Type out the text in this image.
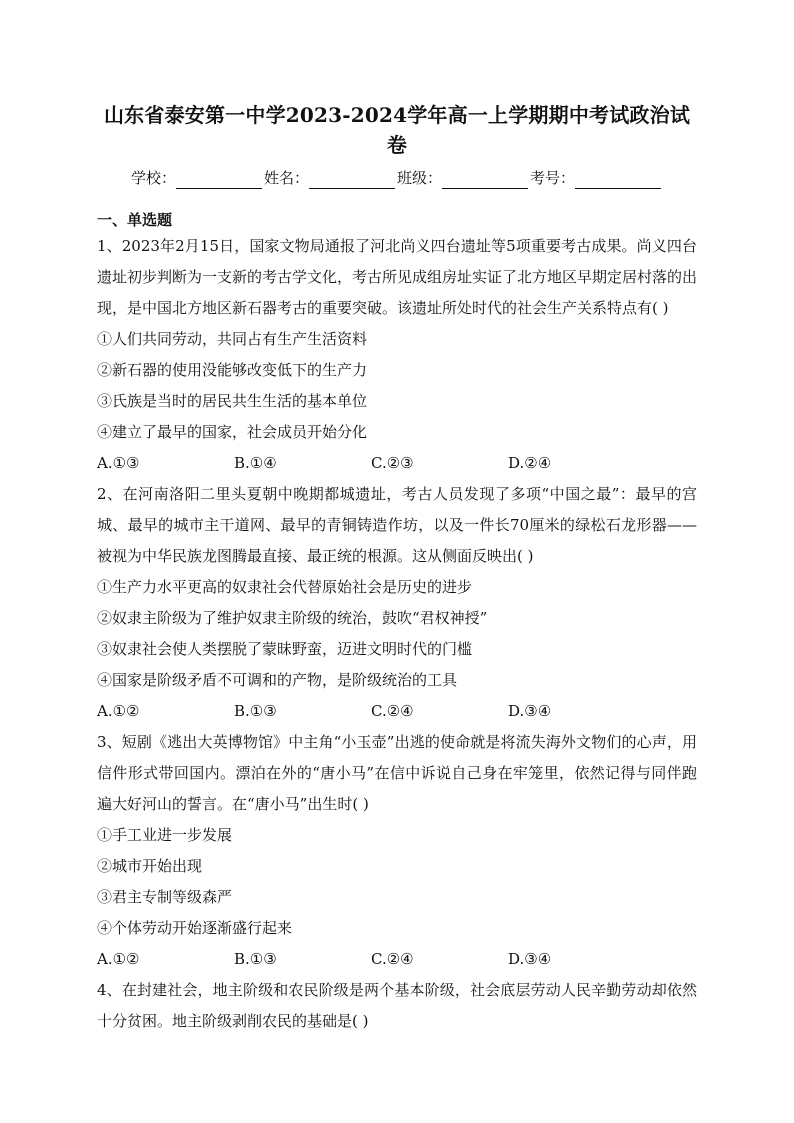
山东省泰安第一中学2023-2024学年高一上学期期中考试政治试卷
学校：	姓名：	班级：	考号：
一、单选题

1、2023年2月15日，国家文物局通报了河北尚义四台遗址等5项重要考古成果。尚义四台遗址初步判断为一支新的考古学文化，考古所见成组房址实证了北方地区早期定居村落的出现，是中国北方地区新石器考古的重要突破。该遗址所处时代的社会生产关系特点有( )

①人们共同劳动，共同占有生产生活资料

②新石器的使用没能够改变低下的生产力

③氏族是当时的居民共生生活的基本单位

④建立了最早的国家，社会成员开始分化

A.①③	B.①④	C.②③	D.②④

2、在河南洛阳二里头夏朝中晚期都城遗址，考古人员发现了多项“中国之最”：最早的宫城、最早的城市主干道网、最早的青铜铸造作坊，以及一件长70厘米的绿松石龙形器——被视为中华民族龙图腾最直接、最正统的根源。这从侧面反映出( )

①生产力水平更高的奴隶社会代替原始社会是历史的进步

②奴隶主阶级为了维护奴隶主阶级的统治，鼓吹“君权神授”

③奴隶社会使人类摆脱了蒙昧野蛮，迈进文明时代的门槛

④国家是阶级矛盾不可调和的产物，是阶级统治的工具

A.①②	B.①③	C.②④	D.③④

3、短剧《逃出大英博物馆》中主角“小玉壶”出逃的使命就是将流失海外文物们的心声，用信件形式带回国内。漂泊在外的“唐小马”在信中诉说自己身在牢笼里，依然记得与同伴跑遍大好河山的誓言。在“唐小马”出生时( )

①手工业进一步发展

②城市开始出现

③君主专制等级森严

④个体劳动开始逐渐盛行起来

A.①②	B.①③	C.②④	D.③④

4、在封建社会，地主阶级和农民阶级是两个基本阶级，社会底层劳动人民辛勤劳动却依然十分贫困。地主阶级剥削农民的基础是( )
